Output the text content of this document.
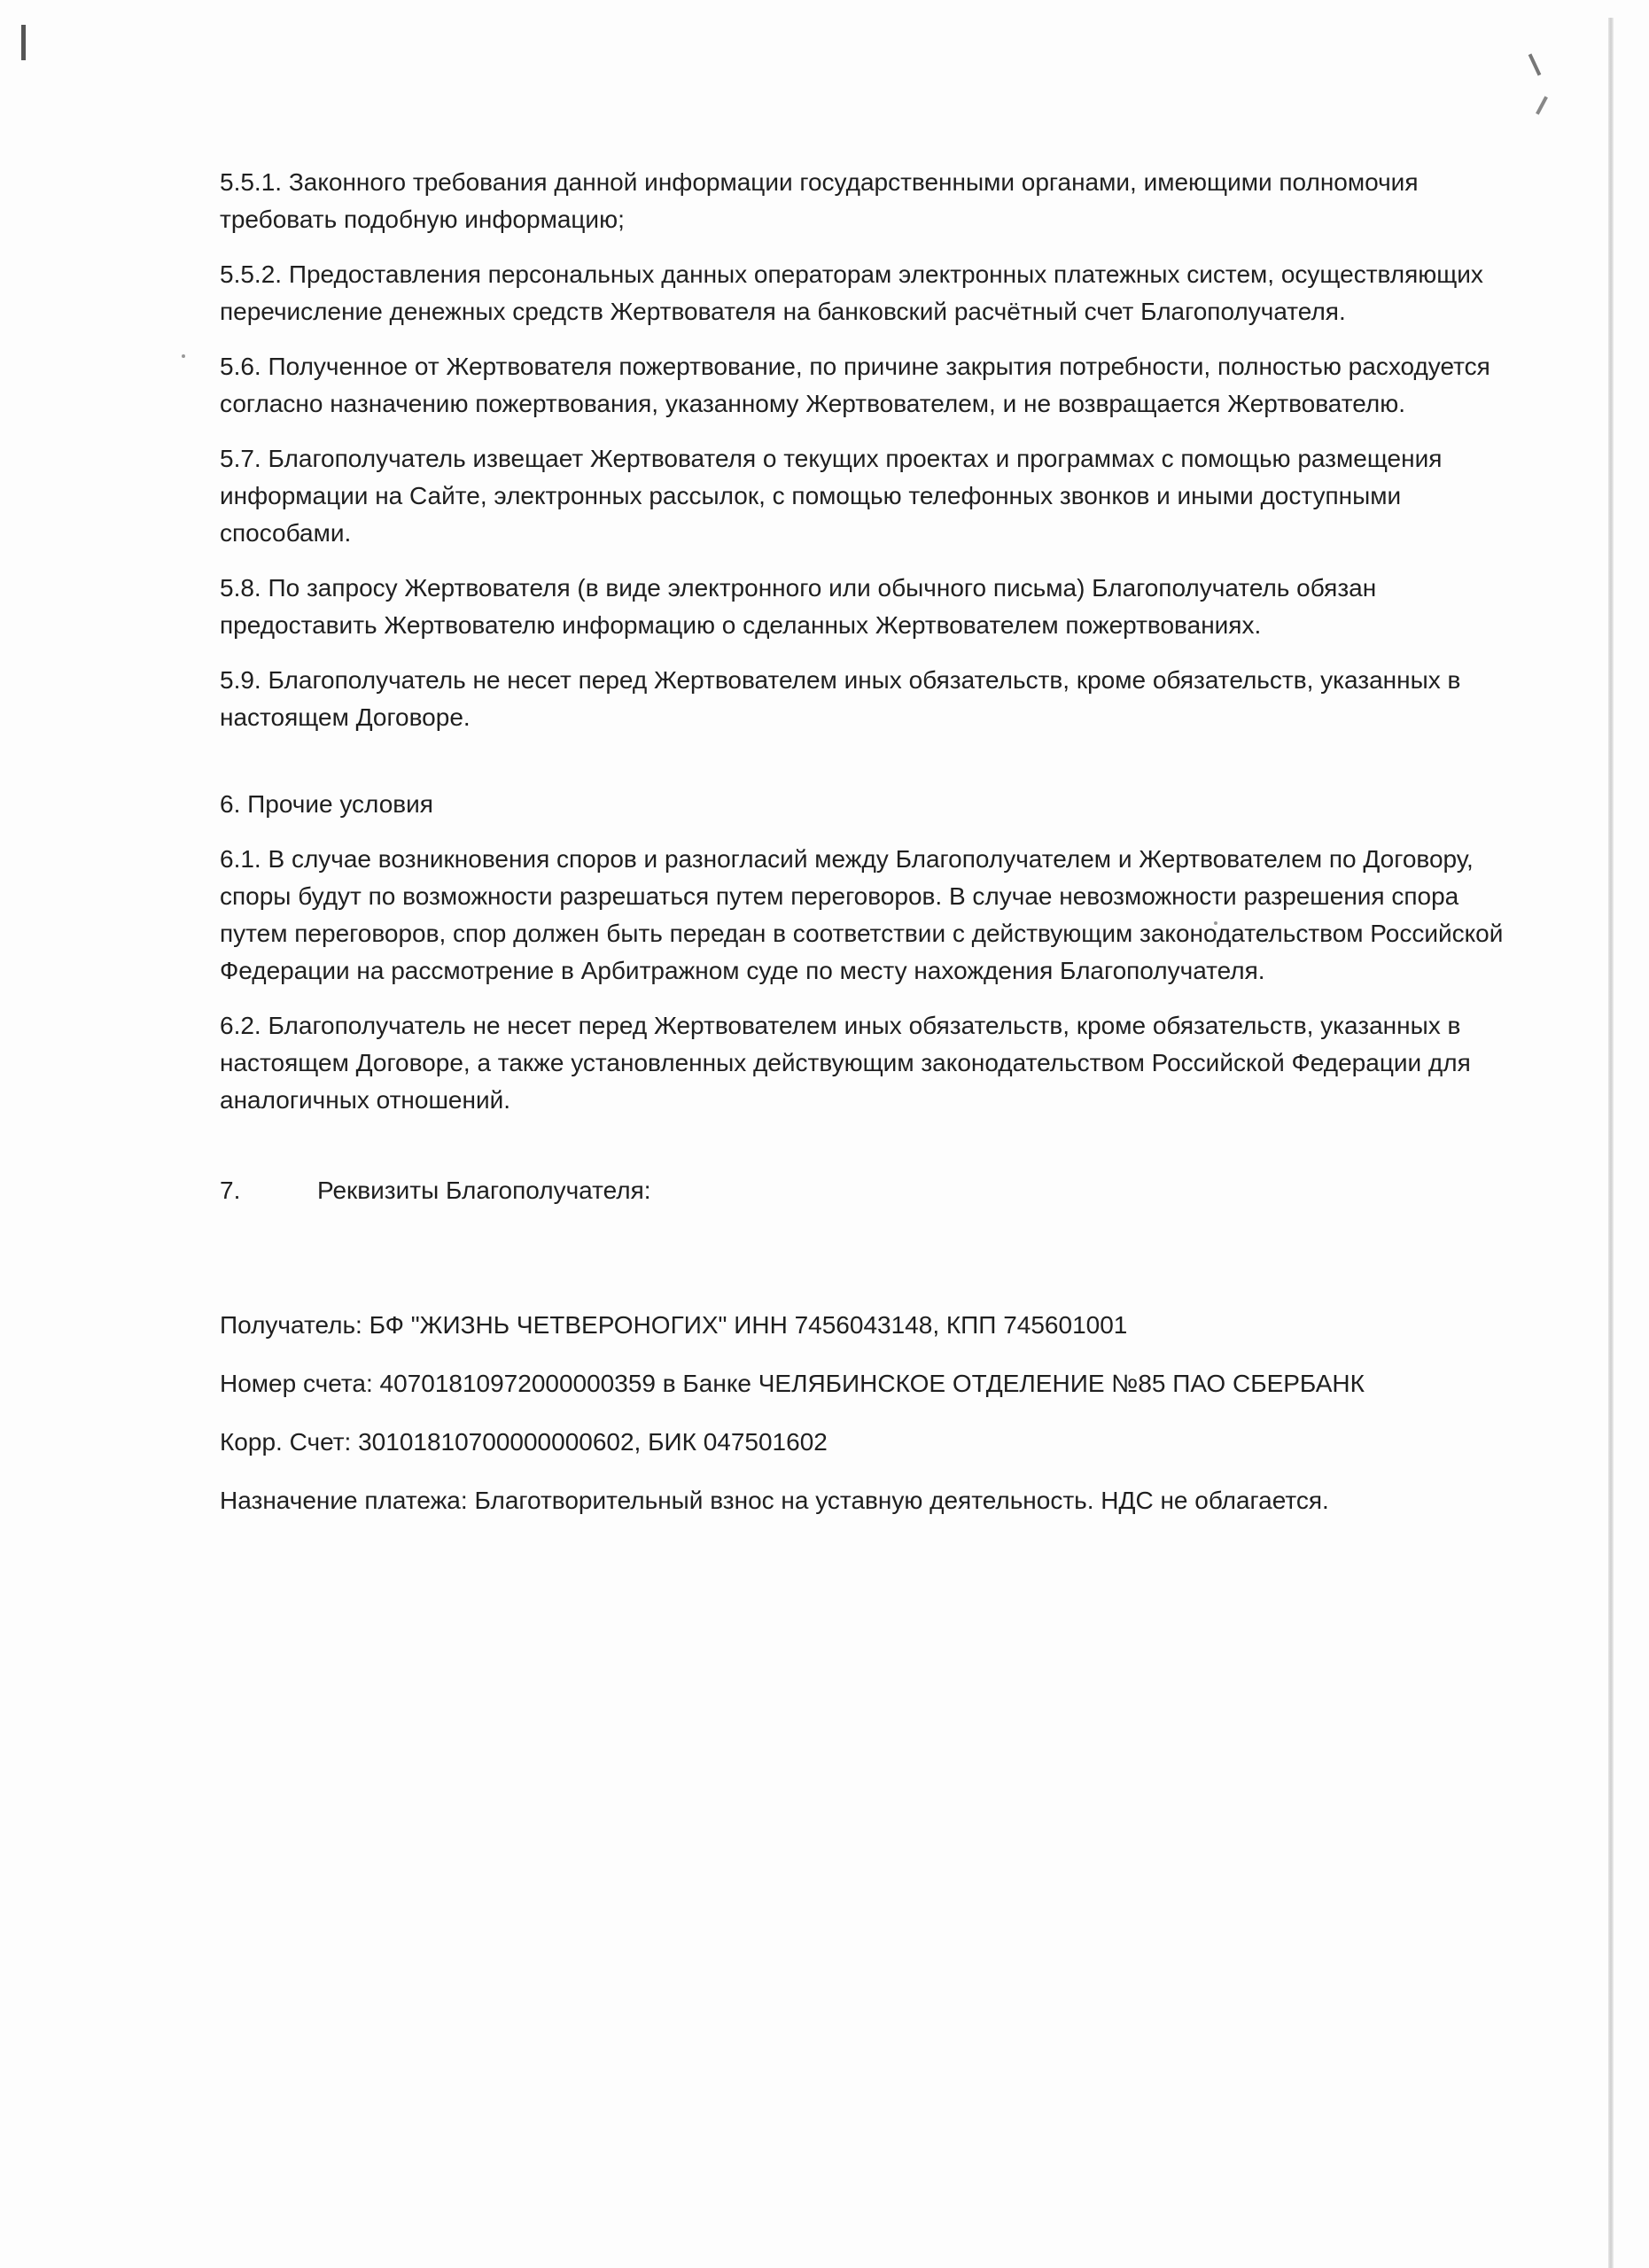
5.5.1. Законного требования данной информации государственными органами, имеющими полномочия требовать подобную информацию;

5.5.2. Предоставления персональных данных операторам электронных платежных систем, осуществляющих перечисление денежных средств Жертвователя на банковский расчётный счет Благополучателя.

5.6. Полученное от Жертвователя пожертвование, по причине закрытия потребности, полностью расходуется согласно назначению пожертвования, указанному Жертвователем, и не возвращается Жертвователю.

5.7. Благополучатель извещает Жертвователя о текущих проектах и программах с помощью размещения информации на Сайте, электронных рассылок, с помощью телефонных звонков и иными доступными способами.

5.8. По запросу Жертвователя (в виде электронного или обычного письма) Благополучатель обязан предоставить Жертвователю информацию о сделанных Жертвователем пожертвованиях.

5.9. Благополучатель не несет перед Жертвователем иных обязательств, кроме обязательств, указанных в настоящем Договоре.

6. Прочие условия

6.1. В случае возникновения споров и разногласий между Благополучателем и Жертвователем по Договору, споры будут по возможности разрешаться путем переговоров. В случае невозможности разрешения спора путем переговоров, спор должен быть передан в соответствии с действующим законодательством Российской Федерации на рассмотрение в Арбитражном суде по месту нахождения Благополучателя.

6.2. Благополучатель не несет перед Жертвователем иных обязательств, кроме обязательств, указанных в настоящем Договоре, а также установленных действующим законодательством Российской Федерации для аналогичных отношений.

7.	Реквизиты Благополучателя:

Получатель: БФ "ЖИЗНЬ ЧЕТВЕРОНОГИХ" ИНН 7456043148, КПП 745601001

Номер счета: 40701810972000000359 в Банке ЧЕЛЯБИНСКОЕ ОТДЕЛЕНИЕ №85 ПАО СБЕРБАНК

Корр. Счет: 30101810700000000602, БИК 047501602

Назначение платежа: Благотворительный взнос на уставную деятельность. НДС не облагается.
